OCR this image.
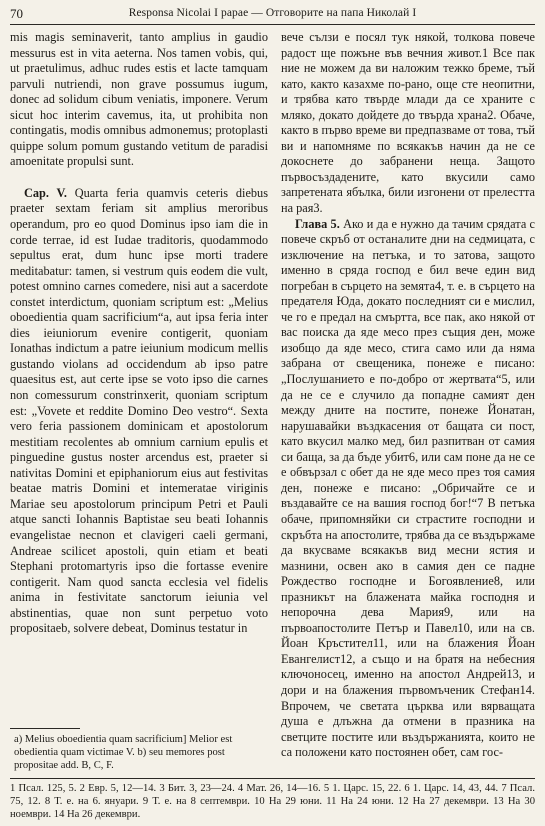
70	Responsa Nicolai I papae — Отговорите на папа Николай I

mis magis seminaverit, tanto amplius in gaudio messurus est in vita aeterna. Nos tamen vobis, qui, ut praetulimus, adhuc rudes estis et lacte tamquam parvuli nutriendi, non grave possumus iugum, donec ad solidum cibum veniatis, imponere. Verum sicut hoc interim cavemus, ita, ut prohibita non contingatis, modis omnibus admonemus; protoplasti quippe solum pomum gustando vetitum de paradisi amoenitate propulsi sunt.

Cap. V. Quarta feria quamvis ceteris diebus praeter sextam feriam sit amplius meroribus operandum, pro eo quod Dominus ipso iam die in corde terrae, id est Iudae traditoris, quodammodo sepultus erat, dum hunc ipse morti tradere meditabatur: tamen, si vestrum quis eodem die vult, potest omnino carnes comedere, nisi aut a sacerdote constet interdictum, quoniam scriptum est: „Melius obοedientia quam sacrificium“a, aut ipsa feria inter dies ieiuniorum evenire contigerit, quoniam Ionathas indictum a patre ieiunium modicum mellis gustando violans ad occidendum ab ipso patre quaesitus est, aut certe ipse se voto ipso die carnes non comessurum constrinxerit, quoniam scriptum est: „Vovete et reddite Domino Deo vestro“. Sexta vero feria passionem dominicam et apostolorum mestitiam recolentes ab omnium carnium epulis et pinguedine gustus noster arcendus est, praeter si nativitas Domini et epiphaniorum eius aut festivitas beatae matris Domini et intemeratae viriginis Mariae seu apostolorum principum Petri et Pauli atque sancti Iohannis Baptistae seu beati Iohannis evangelistae necnon et clavigeri caeli germani, Andreae scilicet apostoli, quin etiam et beati Stephani protomartyris ipso die fortasse evenire contigerit. Nam quod sancta ecclesia vel fidelis anima in festivitate sanctorum ieiunia vel abstinentias, quae non sunt perpetuo voto propositaeb, solvere debeat, Dominus testatur in

вече сълзи е посял тук някой, толкова повече радост ще пожъне във вечния живот.1 Все пак ние не можем да ви наложим тежко бреме, тъй като, както казахме по-рано, още сте неопитни, и трябва като твърде млади да се храните с мляко, докато дойдете до твърда храна2. Обаче, както в първо време ви предпазваме от това, тъй ви и напомняме по всякакъв начин да не се докоснете до забранени неща. Защото първосъздадените, като вкусили само запретената ябълка, били изгонени от прелестта на рая3.

Глава 5. Ако и да е нужно да тачим срядата с повече скръб от останалите дни на седмицата, с изключение на петъка, и то затова, защото именно в сряда господ е бил вече един вид погребан в сърцето на земята4, т. е. в сърцето на предателя Юда, докато последният си е мислил, че го е предал на смъртта, все пак, ако някой от вас поиска да яде месо през същия ден, може изобщо да яде месо, стига само или да няма забрана от свещеника, понеже е писано: „Послушанието е по-добро от жертвата“5, или да не се е случило да попадне самият ден между дните на постите, понеже Йонатан, нарушавайки въздкасения от бащата си пост, като вкусил малко мед, бил разпитван от самия си баща, за да бъде убит6, или сам поне да не се е обвързал с обет да не яде месо през тоя самия ден, понеже е писано: „Обричайте се и въздавайте се на вашия господ бог!“7 В петъка обаче, припомняйки си страстите господни и скръбта на апостолите, трябва да се въздържаме да вкусваме всякакъв вид месни ястия и мазнини, освен ако в самия ден се падне Рождество господне и Богоявление8, или празникът на блажената майка господня и непорочна дева Мария9, или на първоапостолите Петър и Павел10, или на св. Йоан Кръстител11, или на блажения Йоан Евангелист12, а също и на братя на небесния ключоносец, именно на апостол Андрей13, и дори и на блажения първомъченик Стефан14. Впрочем, че светата църква или вярващата душа е длъжна да отмени в празника на светците постите или въздържанията, които не са положени като постоянен обет, сам гос-

a) Melius oboedientia quam sacrificium] Melior est obedientia quam victimae V. b) seu memores post propositae add. B, C, F.

1 Псал. 125, 5. 2 Евр. 5, 12—14. 3 Бит. 3, 23—24. 4 Мат. 26, 14—16. 5 1. Царс. 15, 22. 6 1. Царс. 14, 43, 44. 7 Псал. 75, 12. 8 Т. е. на 6. януари. 9 Т. е. на 8 септември. 10 На 29 юни. 11 На 24 юни. 12 На 27 декември. 13 На 30 ноември. 14 На 26 декември.
